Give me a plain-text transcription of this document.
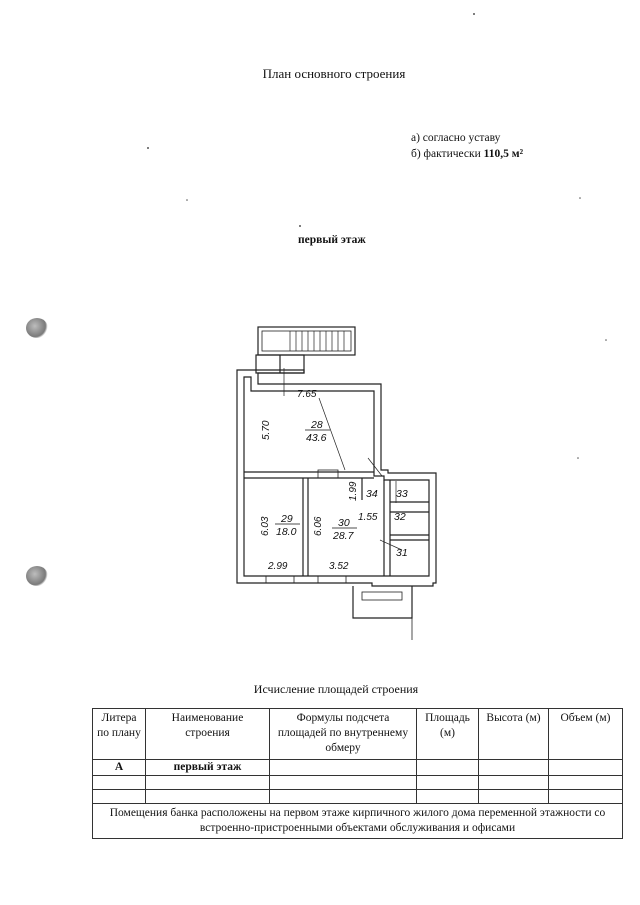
План основного строения
а) согласно уставу
б) фактически 110,5 м²
первый этаж
7.65
5.70
6.03	6.06
1.99
1.55
2.99	3.52
28
43.6
29
18.0
30
28.7
31
32
33
34
Исчисление площадей строения
Литера по плану	Наименование строения	Формулы подсчета площадей по внутреннему обмеру	Площадь (м)	Высота (м)	Объем (м)
А	первый этаж				

Помещения банка расположены на первом этаже кирпичного жилого дома переменной этажности со встроенно-пристроенными объектами обслуживания и офисами					
